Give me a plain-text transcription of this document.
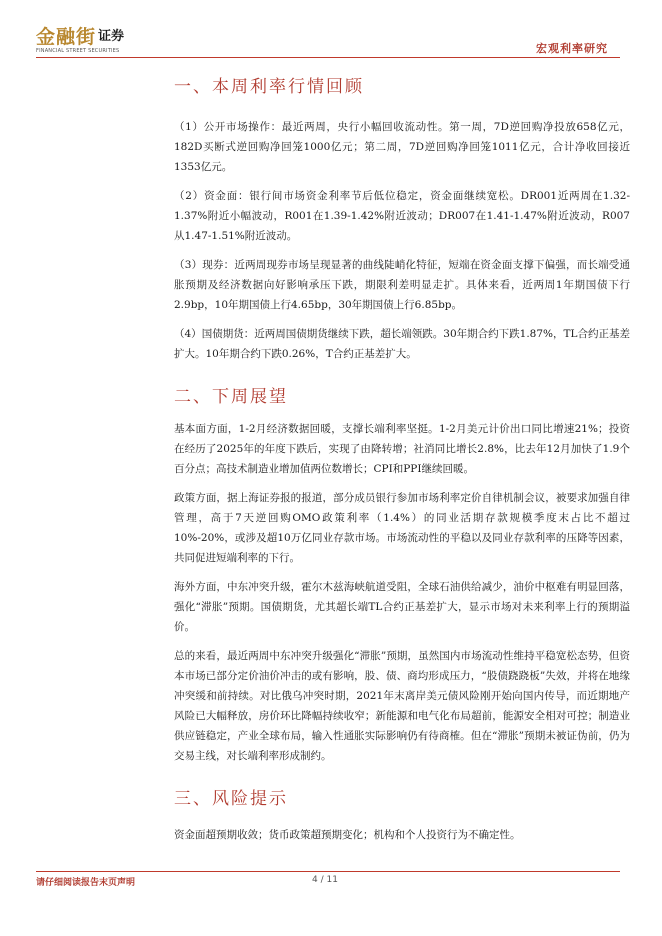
金融街 证券
FINANCIAL STREET SECURITIES	宏观利率研究
一、本周利率行情回顾

（1）公开市场操作：最近两周，央行小幅回收流动性。第一周，7D逆回购净投放658亿元，182D买断式逆回购净回笼1000亿元；第二周，7D逆回购净回笼1011亿元，合计净收回接近1353亿元。

（2）资金面：银行间市场资金利率节后低位稳定，资金面继续宽松。DR001近两周在1.32-1.37%附近小幅波动，R001在1.39-1.42%附近波动；DR007在1.41-1.47%附近波动，R007从1.47-1.51%附近波动。

（3）现券：近两周现券市场呈现显著的曲线陡峭化特征，短端在资金面支撑下偏强，而长端受通胀预期及经济数据向好影响承压下跌，期限利差明显走扩。具体来看，近两周1年期国债下行2.9bp，10年期国债上行4.65bp，30年期国债上行6.85bp。

（4）国债期货：近两周国债期货继续下跌，超长端领跌。30年期合约下跌1.87%，TL合约正基差扩大。10年期合约下跌0.26%，T合约正基差扩大。

二、下周展望

基本面方面，1-2月经济数据回暖，支撑长端利率坚挺。1-2月美元计价出口同比增速21%；投资在经历了2025年的年度下跌后，实现了由降转增；社消同比增长2.8%，比去年12月加快了1.9个百分点；高技术制造业增加值两位数增长；CPI和PPI继续回暖。

政策方面，据上海证券报的报道，部分成员银行参加市场利率定价自律机制会议，被要求加强自律管理，高于7天逆回购OMO政策利率（1.4%）的同业活期存款规模季度末占比不超过10%-20%，或涉及超10万亿同业存款市场。市场流动性的平稳以及同业存款利率的压降等因素，共同促进短端利率的下行。

海外方面，中东冲突升级，霍尔木兹海峡航道受阻，全球石油供给减少，油价中枢难有明显回落，强化“滞胀”预期。国债期货，尤其超长端TL合约正基差扩大，显示市场对未来利率上行的预期溢价。

总的来看，最近两周中东冲突升级强化“滞胀”预期，虽然国内市场流动性维持平稳宽松态势，但资本市场已部分定价油价冲击的或有影响，股、债、商均形成压力，“股债跷跷板”失效，并将在地缘冲突缓和前持续。对比俄乌冲突时期，2021年末离岸美元债风险刚开始向国内传导，而近期地产风险已大幅释放，房价环比降幅持续收窄；新能源和电气化布局超前，能源安全相对可控；制造业供应链稳定，产业全球布局，输入性通胀实际影响仍有待商榷。但在“滞胀”预期未被证伪前，仍为交易主线，对长端利率形成制约。

三、风险提示

资金面超预期收敛；货币政策超预期变化；机构和个人投资行为不确定性。

请仔细阅读报告末页声明	4 / 11
